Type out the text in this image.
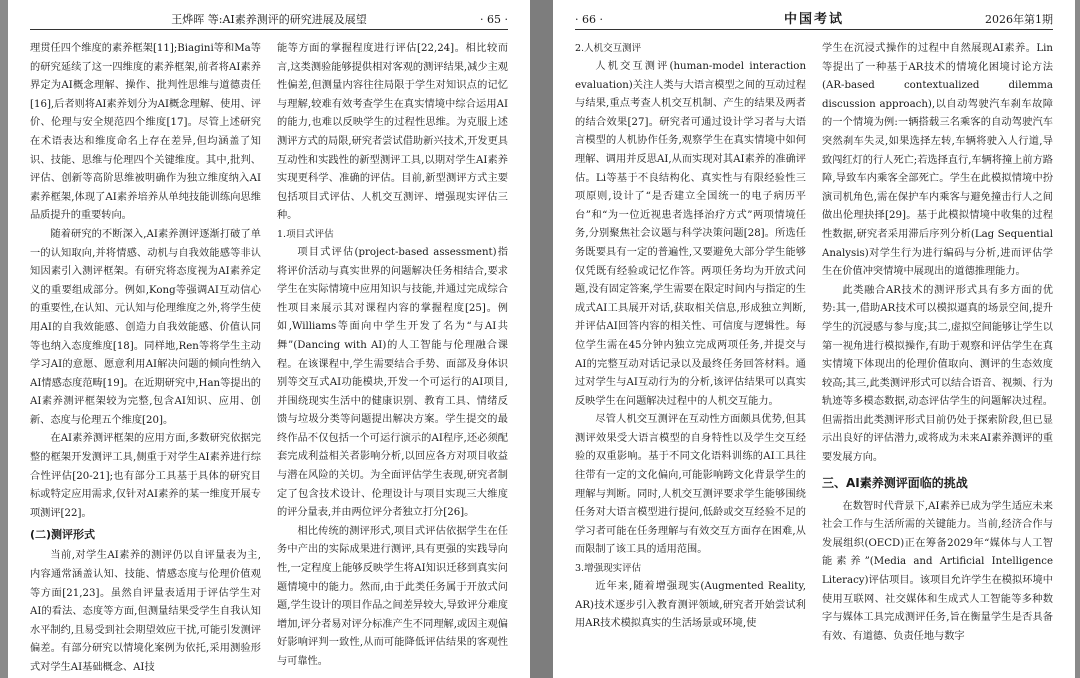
王烨晖 等:AI素养测评的研究进展及展望	· 65 ·

理贯任四个维度的素养框架[11];Biagini等和Ma等的研究延续了这一四维度的素养框架,前者将AI素养界定为AI概念理解、操作、批判性思维与道德责任[16],后者则将AI素养划分为AI概念理解、使用、评价、伦理与安全规范四个维度[17]。尽管上述研究在术语表达和维度命名上存在差异,但均涵盖了知识、技能、思维与伦理四个关键维度。其中,批判、评估、创新等高阶思维被明确作为独立维度纳入AI素养框架,体现了AI素养培养从单纯技能训练向思维品质提升的重要转向。

随着研究的不断深入,AI素养测评逐渐打破了单一的认知取向,并将情感、动机与自我效能感等非认知因素引入测评框架。有研究将态度视为AI素养定义的重要组成部分。例如,Kong等强调AI互动信心的重要性,在认知、元认知与伦理维度之外,将学生使用AI的自我效能感、创造力自我效能感、价值认同等也纳入态度维度[18]。同样地,Ren等将学生主动学习AI的意愿、愿意利用AI解决问题的倾向性纳入AI情感态度范畴[19]。在近期研究中,Han等提出的AI素养测评框架较为完整,包含AI知识、应用、创新、态度与伦理五个维度[20]。

在AI素养测评框架的应用方面,多数研究依据完整的框架开发测评工具,侧重于对学生AI素养进行综合性评估[20-21];也有部分工具基于具体的研究目标或特定应用需求,仅针对AI素养的某一维度开展专项测评[22]。

(二)测评形式

当前,对学生AI素养的测评仍以自评量表为主,内容通常涵盖认知、技能、情感态度与伦理价值观等方面[21,23]。虽然自评量表适用于评估学生对AI的看法、态度等方面,但测量结果受学生自我认知水平制约,且易受到社会期望效应干扰,可能引发测评偏差。有部分研究以情境化案例为依托,采用测验形式对学生AI基础概念、AI技

能等方面的掌握程度进行评估[22,24]。相比较而言,这类测验能够提供相对客观的测评结果,减少主观性偏差,但测量内容往往局限于学生对知识点的记忆与理解,较难有效考查学生在真实情境中综合运用AI的能力,也难以反映学生的过程性思维。为克服上述测评方式的局限,研究者尝试借助新兴技术,开发更具互动性和实践性的新型测评工具,以期对学生AI素养实现更科学、准确的评估。目前,新型测评方式主要包括项目式评估、人机交互测评、增强现实评估三种。

1.项目式评估

项目式评估(project-based assessment)指将评价活动与真实世界的问题解决任务相结合,要求学生在实际情境中应用知识与技能,并通过完成综合性项目来展示其对课程内容的掌握程度[25]。例如,Williams等面向中学生开发了名为“与AI共舞”(Dancing with AI)的人工智能与伦理融合课程。在该课程中,学生需要结合手势、面部及身体识别等交互式AI功能模块,开发一个可运行的AI项目,并围绕现实生活中的健康识别、教育工具、情绪反馈与垃圾分类等问题提出解决方案。学生提交的最终作品不仅包括一个可运行演示的AI程序,还必须配套完成利益相关者影响分析,以回应各方对项目收益与潜在风险的关切。为全面评估学生表现,研究者制定了包含技术设计、伦理设计与项目实现三大维度的评分量表,并由两位评分者独立打分[26]。

相比传统的测评形式,项目式评估依据学生在任务中产出的实际成果进行测评,具有更强的实践导向性,一定程度上能够反映学生将AI知识迁移到真实问题情境中的能力。然而,由于此类任务属于开放式问题,学生设计的项目作品之间差异较大,导致评分难度增加,评分者易对评分标准产生不同理解,或因主观偏好影响评判一致性,从而可能降低评估结果的客观性与可靠性。

· 66 ·	中国考试	2026年第1期
2.人机交互测评

人机交互测评(human-model interaction evaluation)关注人类与大语言模型之间的互动过程与结果,重点考查人机交互机制、产生的结果及两者的结合效果[27]。研究者可通过设计学习者与大语言模型的人机协作任务,观察学生在真实情境中如何理解、调用并反思AI,从而实现对其AI素养的准确评估。Li等基于不良结构化、真实性与有限经验性三项原则,设计了“是否建立全国统一的电子病历平台”和“为一位近视患者选择治疗方式”两项情境任务,分别聚焦社会议题与科学决策问题[28]。所选任务既要具有一定的普遍性,又要避免大部分学生能够仅凭既有经验或记忆作答。两项任务均为开放式问题,没有固定答案,学生需要在限定时间内与指定的生成式AI工具展开对话,获取相关信息,形成独立判断,并评估AI回答内容的相关性、可信度与逻辑性。每位学生需在45分钟内独立完成两项任务,并提交与AI的完整互动对话记录以及最终任务回答材料。通过对学生与AI互动行为的分析,该评估结果可以真实反映学生在问题解决过程中的人机交互能力。

尽管人机交互测评在互动性方面颇具优势,但其测评效果受大语言模型的自身特性以及学生交互经验的双重影响。基于不同文化语料训练的AI工具往往带有一定的文化偏向,可能影响跨文化背景学生的理解与判断。同时,人机交互测评要求学生能够围绕任务对大语言模型进行提问,低龄或交互经验不足的学习者可能在任务理解与有效交互方面存在困难,从而限制了该工具的适用范围。

3.增强现实评估

近年来,随着增强现实(Augmented Reality, AR)技术逐步引入教育测评领域,研究者开始尝试利用AR技术模拟真实的生活场景或环境,使

学生在沉浸式操作的过程中自然展现AI素养。Lin等提出了一种基于AR技术的情境化困境讨论方法(AR-based contextualized dilemma discussion approach),以自动驾驶汽车刹车故障的一个情境为例:一辆搭载三名乘客的自动驾驶汽车突然刹车失灵,如果选择左转,车辆将驶入人行道,导致闯红灯的行人死亡;若选择直行,车辆将撞上前方路障,导致车内乘客全部死亡。学生在此模拟情境中扮演司机角色,需在保护车内乘客与避免撞击行人之间做出伦理抉择[29]。基于此模拟情境中收集的过程性数据,研究者采用滞后序列分析(Lag Sequential Analysis)对学生行为进行编码与分析,进而评估学生在价值冲突情境中展现出的道德推理能力。

此类融合AR技术的测评形式具有多方面的优势:其一,借助AR技术可以模拟逼真的场景空间,提升学生的沉浸感与参与度;其二,虚拟空间能够让学生以第一视角进行模拟操作,有助于观察和评估学生在真实情境下体现出的伦理价值取向、测评的生态效度较高;其三,此类测评形式可以结合语音、视频、行为轨迹等多模态数据,动态评估学生的问题解决过程。但需指出此类测评形式目前仍处于探索阶段,但已显示出良好的评估潜力,或将成为未来AI素养测评的重要发展方向。

三、AI素养测评面临的挑战

在数智时代背景下,AI素养已成为学生适应未来社会工作与生活所需的关键能力。当前,经济合作与发展组织(OECD)正在筹备2029年“媒体与人工智能素养”(Media and Artificial Intelligence Literacy)评估项目。该项目允许学生在模拟环境中使用互联网、社交媒体和生成式人工智能等多种数字与媒体工具完成测评任务,旨在衡量学生是否具备有效、有道德、负责任地与数字
